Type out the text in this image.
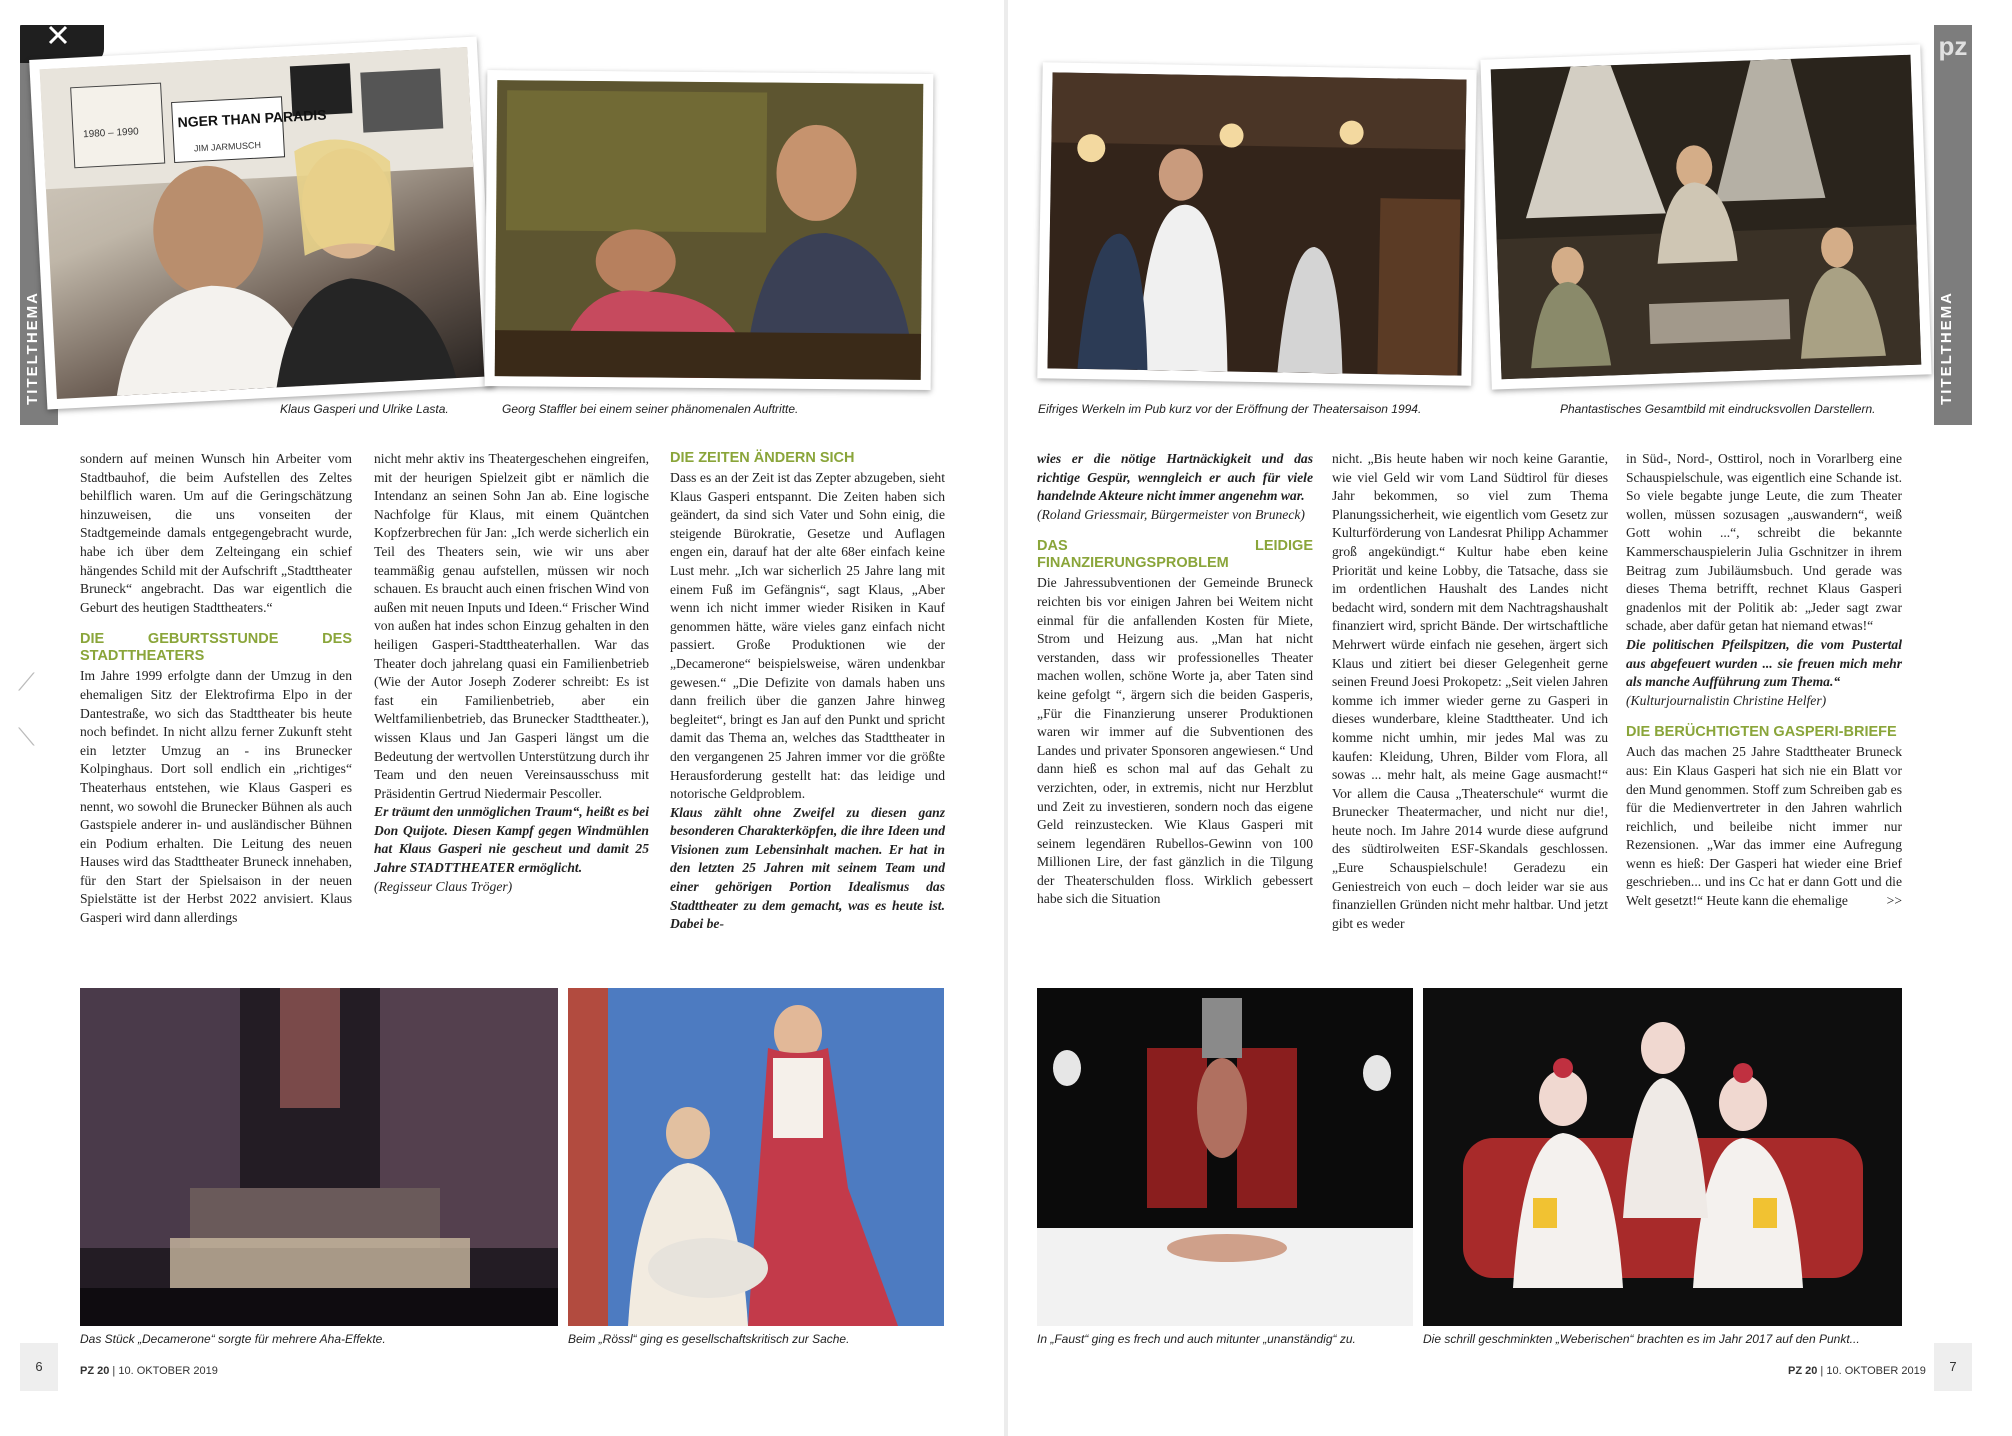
TITELTHEMA
pz
TITELTHEMA
⟋
⟍
1980 – 1990
NGER THAN PARADIS
JIM JARMUSCH
Klaus Gasperi und Ulrike Lasta.	Georg Staffler bei einem seiner phänomenalen Auftritte.	Eifriges Werkeln im Pub kurz vor der Eröffnung der Theatersaison 1994.	Phantastisches Gesamtbild mit eindrucksvollen Darstellern.

sondern auf meinen Wunsch hin Arbeiter vom Stadtbauhof, die beim Aufstellen des Zeltes behilflich waren. Um auf die Geringschätzung hinzuweisen, die uns vonseiten der Stadtgemeinde damals entgegengebracht wurde, habe ich über dem Zelteingang ein schief hängendes Schild mit der Aufschrift „Stadttheater Bruneck“ angebracht. Das war eigentlich die Geburt des heutigen Stadttheaters.“

DIE GEBURTSSTUNDE DES STADTTHEATERS

Im Jahre 1999 erfolgte dann der Umzug in den ehemaligen Sitz der Elektrofirma Elpo in der Dantestraße, wo sich das Stadttheater bis heute noch befindet. In nicht allzu ferner Zukunft steht ein letzter Umzug an - ins Brunecker Kolpinghaus. Dort soll endlich ein „richtiges“ Theaterhaus entstehen, wie Klaus Gasperi es nennt, wo sowohl die Brunecker Bühnen als auch Gastspiele anderer in- und ausländischer Bühnen ein Podium erhalten. Die Leitung des neuen Hauses wird das Stadttheater Bruneck innehaben, für den Start der Spielsaison in der neuen Spielstätte ist der Herbst 2022 anvisiert. Klaus Gasperi wird dann allerdings

nicht mehr aktiv ins Theatergeschehen eingreifen, mit der heurigen Spielzeit gibt er nämlich die Intendanz an seinen Sohn Jan ab. Eine logische Nachfolge für Klaus, mit einem Quäntchen Kopfzerbrechen für Jan: „Ich werde sicherlich ein Teil des Theaters sein, wie wir uns aber teammäßig genau aufstellen, müssen wir noch schauen. Es braucht auch einen frischen Wind von außen mit neuen Inputs und Ideen.“ Frischer Wind von außen hat indes schon Einzug gehalten in den heiligen Gasperi-Stadttheaterhallen. War das Theater doch jahrelang quasi ein Familienbetrieb (Wie der Autor Joseph Zoderer schreibt: Es ist fast ein Familienbetrieb, aber ein Weltfamilienbetrieb, das Brunecker Stadttheater.), wissen Klaus und Jan Gasperi längst um die Bedeutung der wertvollen Unterstützung durch ihr Team und den neuen Vereinsausschuss mit Präsidentin Gertrud Niedermair Pescoller.

Er träumt den unmöglichen Traum“, heißt es bei Don Quijote. Diesen Kampf gegen Windmühlen hat Klaus Gasperi nie gescheut und damit 25 Jahre STADTTHEATER ermöglicht.

(Regisseur Claus Tröger)

DIE ZEITEN ÄNDERN SICH

Dass es an der Zeit ist das Zepter abzugeben, sieht Klaus Gasperi entspannt. Die Zeiten haben sich geändert, da sind sich Vater und Sohn einig, die steigende Bürokratie, Gesetze und Auflagen engen ein, darauf hat der alte 68er einfach keine Lust mehr. „Ich war sicherlich 25 Jahre lang mit einem Fuß im Gefängnis“, sagt Klaus, „Aber wenn ich nicht immer wieder Risiken in Kauf genommen hätte, wäre vieles ganz einfach nicht passiert. Große Produktionen wie der „Decamerone“ beispielsweise, wären undenkbar gewesen.“ „Die Defizite von damals haben uns dann freilich über die ganzen Jahre hinweg begleitet“, bringt es Jan auf den Punkt und spricht damit das Thema an, welches das Stadttheater in den vergangenen 25 Jahren immer vor die größte Herausforderung gestellt hat: das leidige und notorische Geldproblem.

Klaus zählt ohne Zweifel zu diesen ganz besonderen Charakterköpfen, die ihre Ideen und Visionen zum Lebensinhalt machen. Er hat in den letzten 25 Jahren mit seinem Team und einer gehörigen Portion Idealismus das Stadttheater zu dem gemacht, was es heute ist. Dabei be-

wies er die nötige Hartnäckigkeit und das richtige Gespür, wenngleich er auch für viele handelnde Akteure nicht immer angenehm war.

(Roland Griessmair, Bürgermeister von Bruneck)

DAS LEIDIGE FINANZIERUNGSPROBLEM

Die Jahressubventionen der Gemeinde Bruneck reichten bis vor einigen Jahren bei Weitem nicht einmal für die anfallenden Kosten für Miete, Strom und Heizung aus. „Man hat nicht verstanden, dass wir professionelles Theater machen wollen, schöne Worte ja, aber Taten sind keine gefolgt “, ärgern sich die beiden Gasperis, „Für die Finanzierung unserer Produktionen waren wir immer auf die Subventionen des Landes und privater Sponsoren angewiesen.“ Und dann hieß es schon mal auf das Gehalt zu verzichten, oder, in extremis, nicht nur Herzblut und Zeit zu investieren, sondern noch das eigene Geld reinzustecken. Wie Klaus Gasperi mit seinem legendären Rubellos-Gewinn von 100 Millionen Lire, der fast gänzlich in die Tilgung der Theaterschulden floss. Wirklich gebessert habe sich die Situation

nicht. „Bis heute haben wir noch keine Garantie, wie viel Geld wir vom Land Südtirol für dieses Jahr bekommen, so viel zum Thema Planungssicherheit, wie eigentlich vom Gesetz zur Kulturförderung von Landesrat Philipp Achammer groß angekündigt.“ Kultur habe eben keine Priorität und keine Lobby, die Tatsache, dass sie im ordentlichen Haushalt des Landes nicht bedacht wird, sondern mit dem Nachtragshaushalt finanziert wird, spricht Bände. Der wirtschaftliche Mehrwert würde einfach nie gesehen, ärgert sich Klaus und zitiert bei dieser Gelegenheit gerne seinen Freund Joesi Prokopetz: „Seit vielen Jahren komme ich immer wieder gerne zu Gasperi in dieses wunderbare, kleine Stadttheater. Und ich komme nicht umhin, mir jedes Mal was zu kaufen: Kleidung, Uhren, Bilder vom Flora, all sowas ... mehr halt, als meine Gage ausmacht!“ Vor allem die Causa „Theaterschule“ wurmt die Brunecker Theatermacher, und nicht nur die!, heute noch. Im Jahre 2014 wurde diese aufgrund des südtirolweiten ESF-Skandals geschlossen. „Eure Schauspielschule! Geradezu ein Geniestreich von euch – doch leider war sie aus finanziellen Gründen nicht mehr haltbar. Und jetzt gibt es weder

in Süd-, Nord-, Osttirol, noch in Vorarlberg eine Schauspielschule, was eigentlich eine Schande ist. So viele begabte junge Leute, die zum Theater wollen, müssen sozusagen „auswandern“, weiß Gott wohin ...“, schreibt die bekannte Kammerschauspielerin Julia Gschnitzer in ihrem Beitrag zum Jubiläumsbuch. Und gerade was dieses Thema betrifft, rechnet Klaus Gasperi gnadenlos mit der Politik ab: „Jeder sagt zwar schade, aber dafür getan hat niemand etwas!“

Die politischen Pfeilspitzen, die vom Pustertal aus abgefeuert wurden ... sie freuen mich mehr als manche Aufführung zum Thema.“

(Kulturjournalistin Christine Helfer)

DIE BERÜCHTIGTEN GASPERI-BRIEFE

Auch das machen 25 Jahre Stadttheater Bruneck aus: Ein Klaus Gasperi hat sich nie ein Blatt vor den Mund genommen. Stoff zum Schreiben gab es für die Medienvertreter in den Jahren wahrlich reichlich, und beileibe nicht immer nur Rezensionen. „War das immer eine Aufregung wenn es hieß: Der Gasperi hat wieder eine Brief geschrieben... und ins Cc hat er dann Gott und die Welt gesetzt!“ Heute kann die ehemalige	>>

Das Stück „Decamerone“ sorgte für mehrere Aha-Effekte.	Beim „Rössl“ ging es gesellschaftskritisch zur Sache.	In „Faust“ ging es frech und auch mitunter „unanständig“ zu.	Die schrill geschminkten „Weberischen“ brachten es im Jahr 2017 auf den Punkt...
6	PZ 20 | 10. OKTOBER 2019	7
PZ 20 | 10. OKTOBER 2019
